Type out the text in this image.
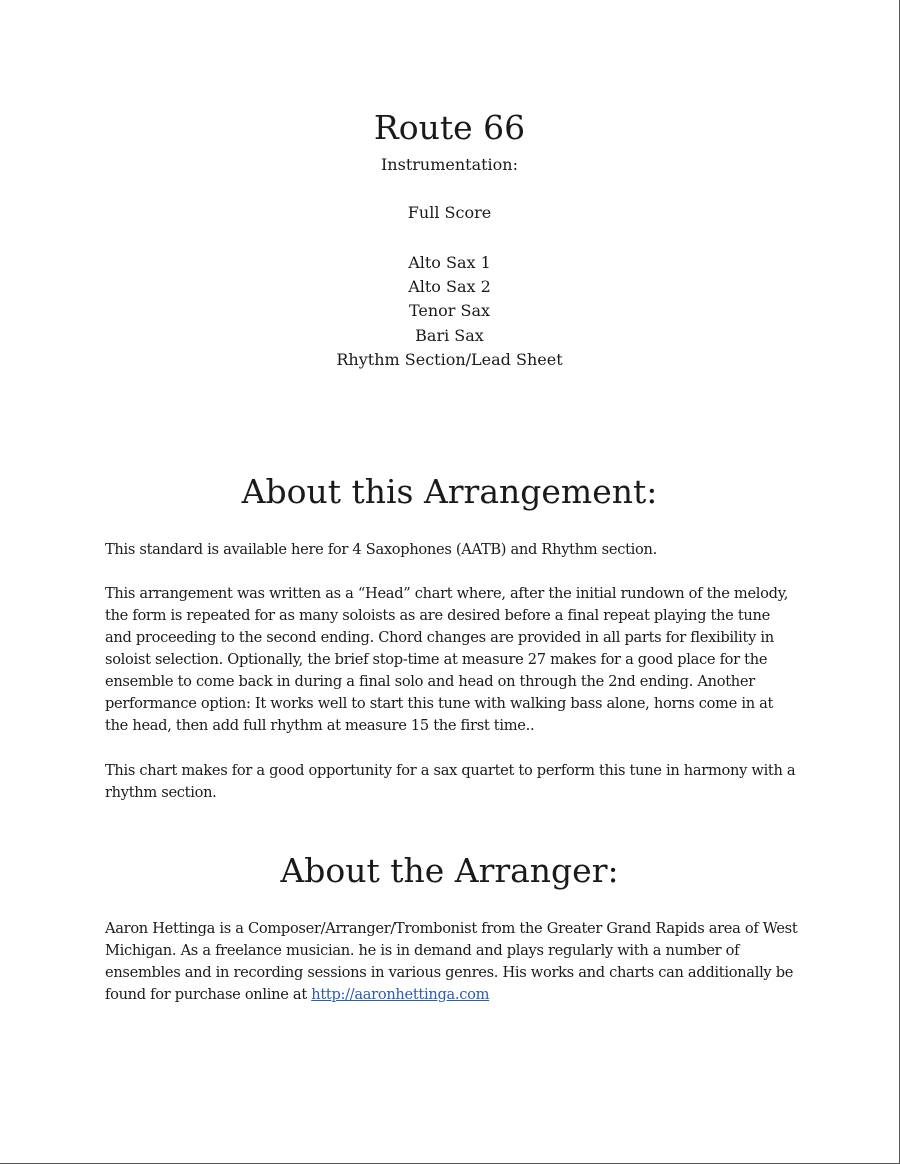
Route 66

Instrumentation:

Full Score

Alto Sax 1
Alto Sax 2
Tenor Sax
Bari Sax
Rhythm Section/Lead Sheet
About this Arrangement:

This standard is available here for 4 Saxophones (AATB) and Rhythm section.

This arrangement was written as a “Head” chart where, after the initial rundown of the melody, the form is repeated for as many soloists as are desired before a final repeat playing the tune and proceeding to the second ending. Chord changes are provided in all parts for flexibility in soloist selection. Optionally, the brief stop-time at measure 27 makes for a good place for the ensemble to come back in during a final solo and head on through the 2nd ending. Another performance option: It works well to start this tune with walking bass alone, horns come in at the head, then add full rhythm at measure 15 the first time..

This chart makes for a good opportunity for a sax quartet to perform this tune in harmony with a rhythm section.

About the Arranger:

Aaron Hettinga is a Composer/Arranger/Trombonist from the Greater Grand Rapids area of West Michigan. As a freelance musician. he is in demand and plays regularly with a number of ensembles and in recording sessions in various genres. His works and charts can additionally be found for purchase online at http://aaronhettinga.com
